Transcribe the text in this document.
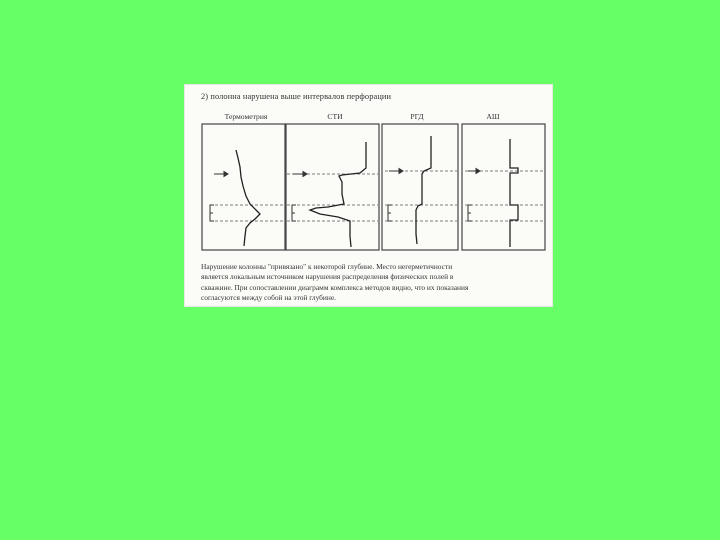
2) полонна нарушена выше интервалов перфорации
Термометрия	СТИ	РГД	АШ
Нарушение колонны "привязано" к некоторой глубине. Место негерметичности
является локальным источником нарушения распределения физических полей в
скважине. При сопоставлении диаграмм комплекса методов видно, что их показания
согласуются между собой на этой глубине.
